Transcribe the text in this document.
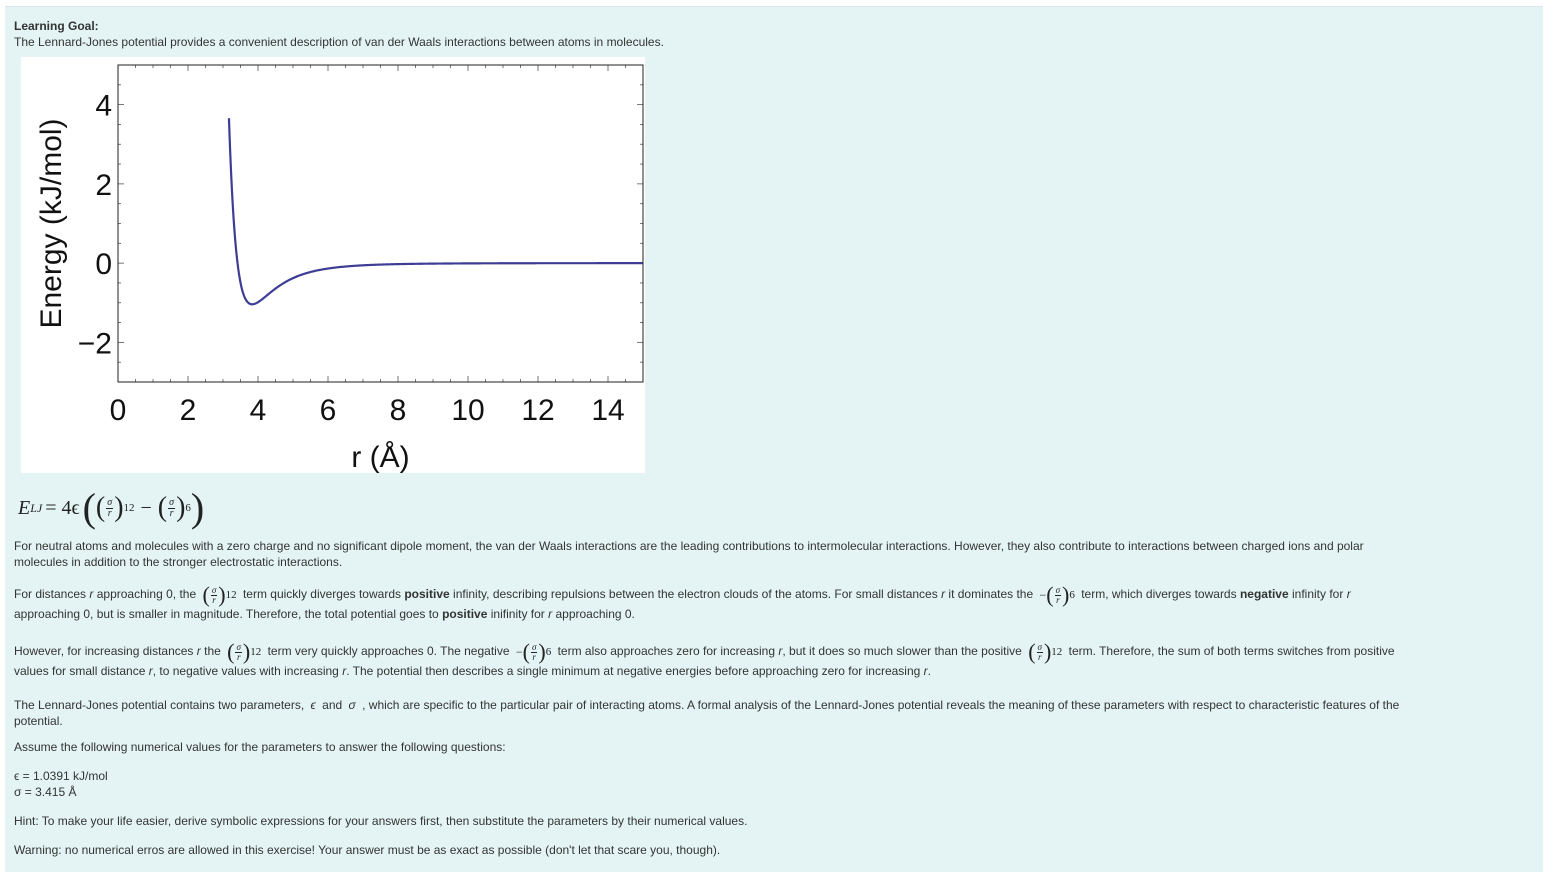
Learning Goal:
The Lennard-Jones potential provides a convenient description of van der Waals interactions between atoms in molecules.
0 2 4 6 8 10 12 14
4
2
0
−2
r (Å)
Energy (kJ/mol)
E LJ = 4ϵ ( ( $\frac{\sigma}{r}$ ) 12 − ( $\frac{\sigma}{r}$ ) 6 )
For neutral atoms and molecules with a zero charge and no significant dipole moment, the van der Waals interactions are the leading contributions to intermolecular interactions. However, they also contribute to interactions between charged ions and polar
molecules in addition to the stronger electrostatic interactions.
For distances r approaching 0, the ( $\frac{\sigma}{r}$ ) 12 term quickly diverges towards positive infinity, describing repulsions between the electron clouds of the atoms. For small distances r it dominates the − ( $\frac{\sigma}{r}$ ) 6 term, which diverges towards negative infinity for r
approaching 0, but is smaller in magnitude. Therefore, the total potential goes to positive inifinity for r approaching 0.
However, for increasing distances r the ( $\frac{\sigma}{r}$ ) 12 term very quickly approaches 0. The negative − ( $\frac{\sigma}{r}$ ) 6 term also approaches zero for increasing r, but it does so much slower than the positive ( $\frac{\sigma}{r}$ ) 12 term. Therefore, the sum of both terms switches from positive
values for small distance r, to negative values with increasing r. The potential then describes a single minimum at negative energies before approaching zero for increasing r.
The Lennard-Jones potential contains two parameters, ϵ and σ , which are specific to the particular pair of interacting atoms. A formal analysis of the Lennard-Jones potential reveals the meaning of these parameters with respect to characteristic features of the
potential.
Assume the following numerical values for the parameters to answer the following questions:
ϵ = 1.0391 kJ/mol
σ = 3.415 Å
Hint: To make your life easier, derive symbolic expressions for your answers first, then substitute the parameters by their numerical values.
Warning: no numerical erros are allowed in this exercise! Your answer must be as exact as possible (don't let that scare you, though).
